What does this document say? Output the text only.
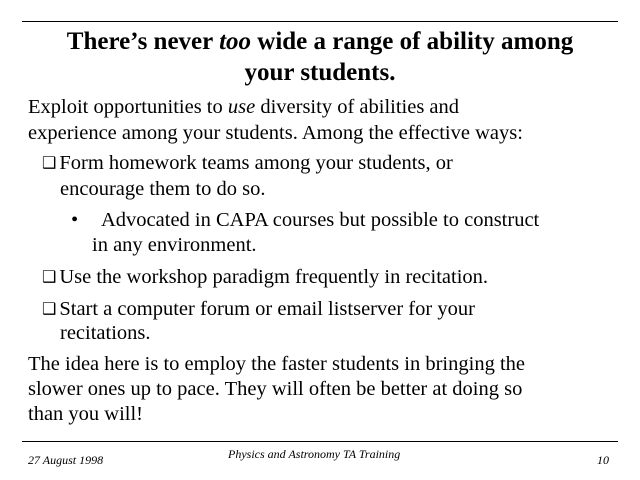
There’s never too wide a range of ability among
your students.
Exploit opportunities to use diversity of abilities and
experience among your students. Among the effective ways:
❑ Form homework teams among your students, or
encourage them to do so.
• Advocated in CAPA courses but possible to construct
in any environment.
❑ Use the workshop paradigm frequently in recitation.
❑ Start a computer forum or email listserver for your
recitations.
The idea here is to employ the faster students in bringing the
slower ones up to pace. They will often be better at doing so
than you will!
27 August 1998	Physics and Astronomy TA Training	10
